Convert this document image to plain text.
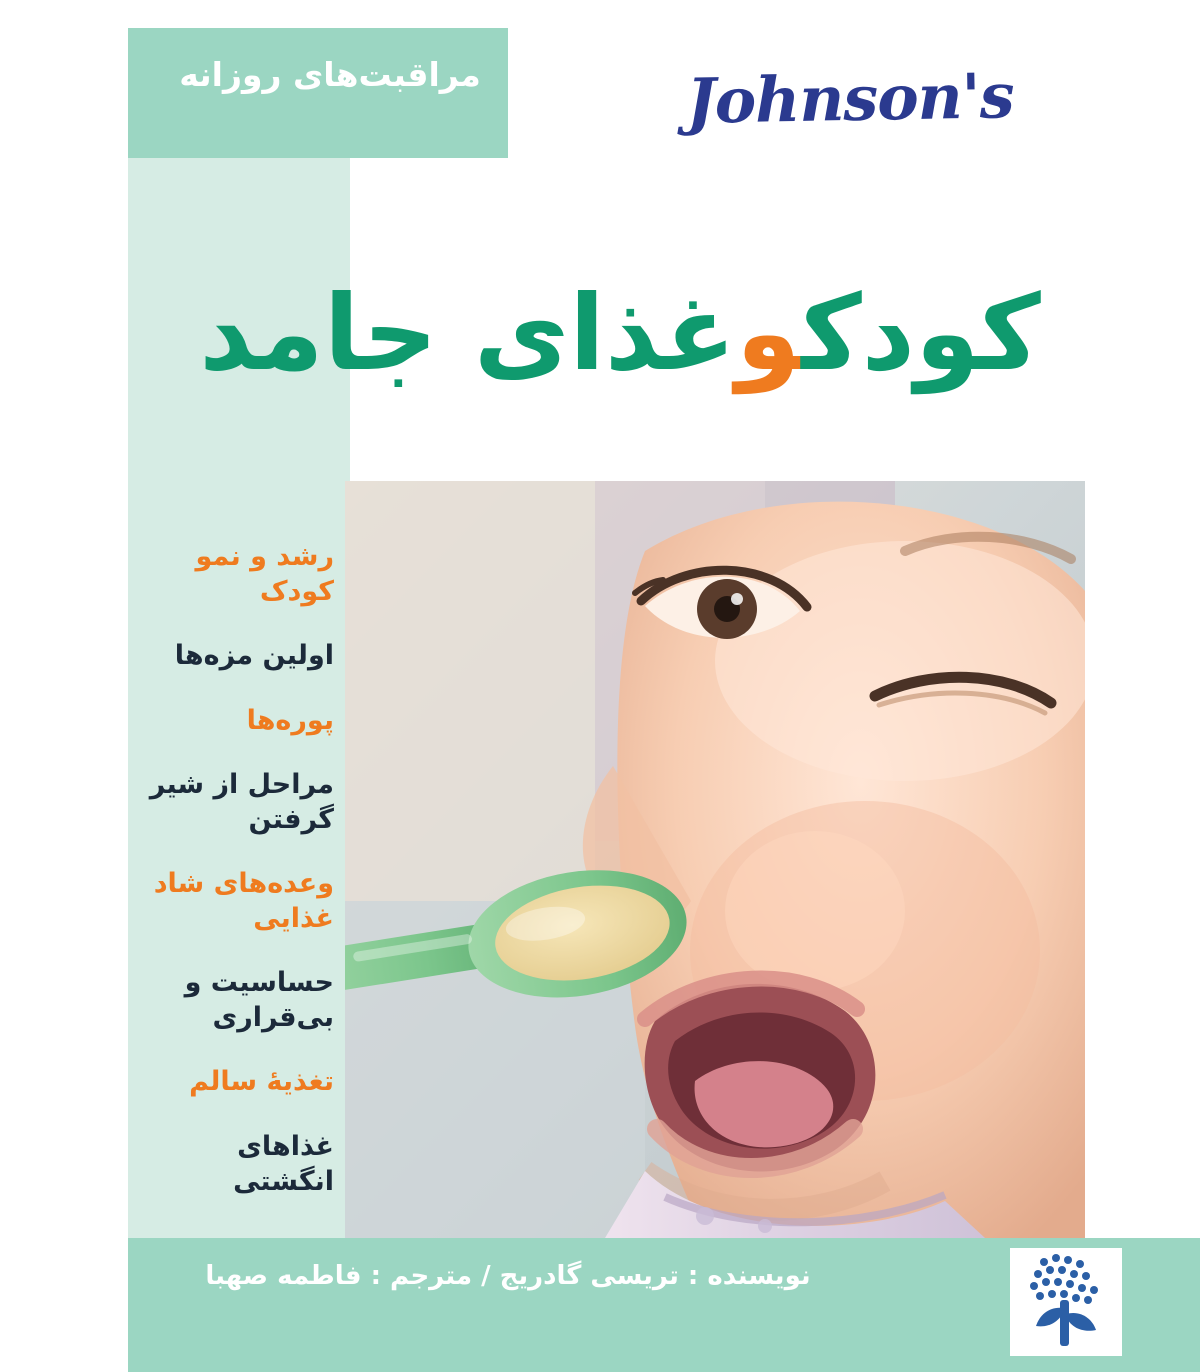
مراقبت‌های روزانه	Johnson's
کودکوغذای جامد
رشد و نمو کودک
اولین مزه‌ها
پوره‌ها
مراحل از شیر گرفتن
وعده‌های شاد غذایی
حساسیت و بی‌قراری
تغذیهٔ سالم
غذاهای انگشتی
نویسنده : تریسی گادریج / مترجم : فاطمه صهبا
